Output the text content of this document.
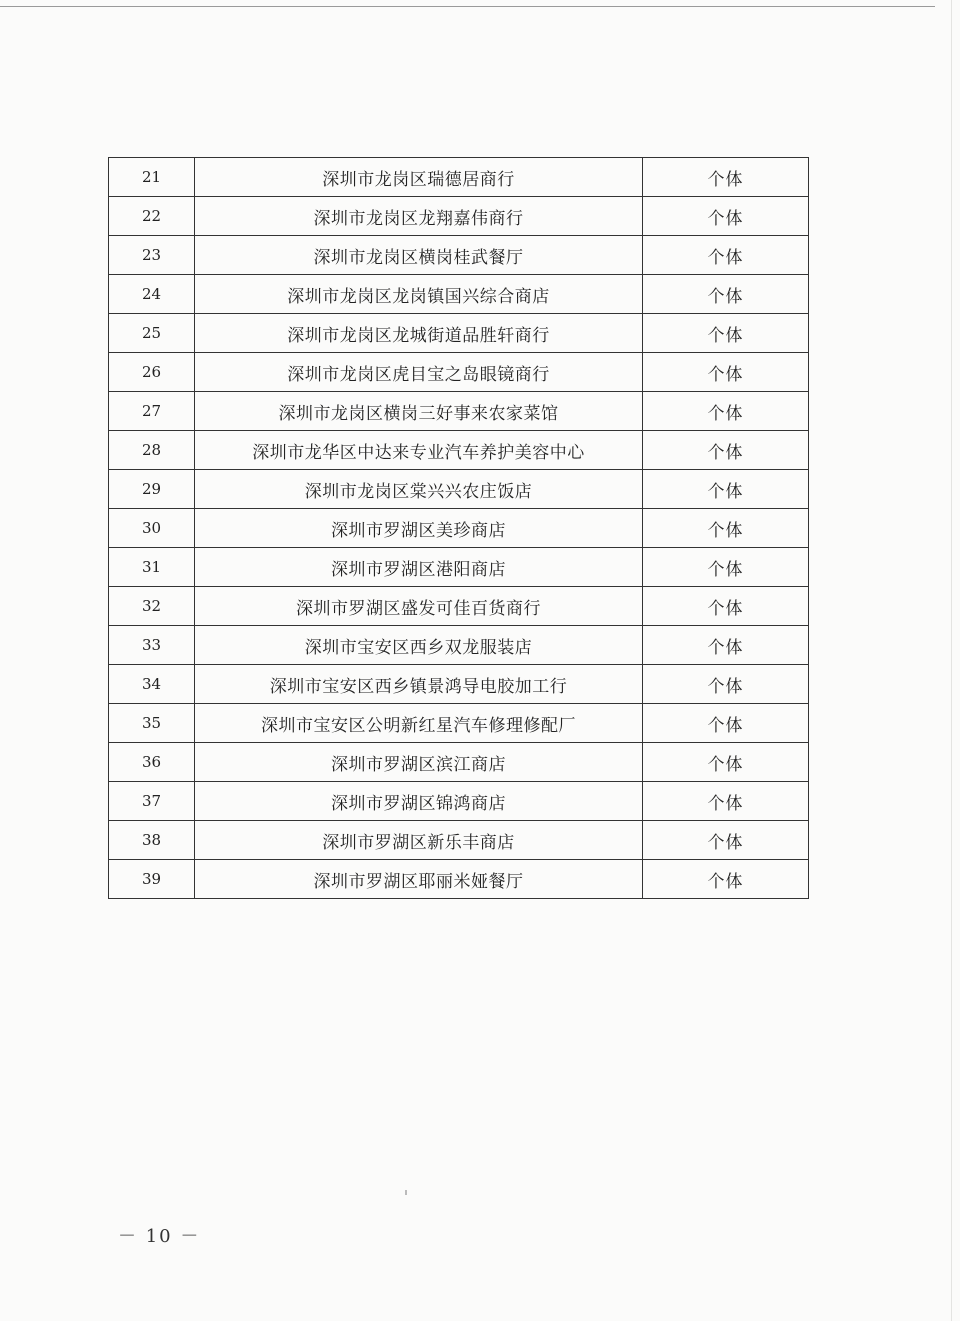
21	深圳市龙岗区瑞德居商行	个体
22	深圳市龙岗区龙翔嘉伟商行	个体
23	深圳市龙岗区横岗桂武餐厅	个体
24	深圳市龙岗区龙岗镇国兴综合商店	个体
25	深圳市龙岗区龙城街道品胜轩商行	个体
26	深圳市龙岗区虎目宝之岛眼镜商行	个体
27	深圳市龙岗区横岗三好事来农家菜馆	个体
28	深圳市龙华区中达来专业汽车养护美容中心	个体
29	深圳市龙岗区棠兴兴农庄饭店	个体
30	深圳市罗湖区美珍商店	个体
31	深圳市罗湖区港阳商店	个体
32	深圳市罗湖区盛发可佳百货商行	个体
33	深圳市宝安区西乡双龙服装店	个体
34	深圳市宝安区西乡镇景鸿导电胶加工行	个体
35	深圳市宝安区公明新红星汽车修理修配厂	个体
36	深圳市罗湖区滨江商店	个体
37	深圳市罗湖区锦鸿商店	个体
38	深圳市罗湖区新乐丰商店	个体
39	深圳市罗湖区耶丽米娅餐厅	个体
－ 10 －
